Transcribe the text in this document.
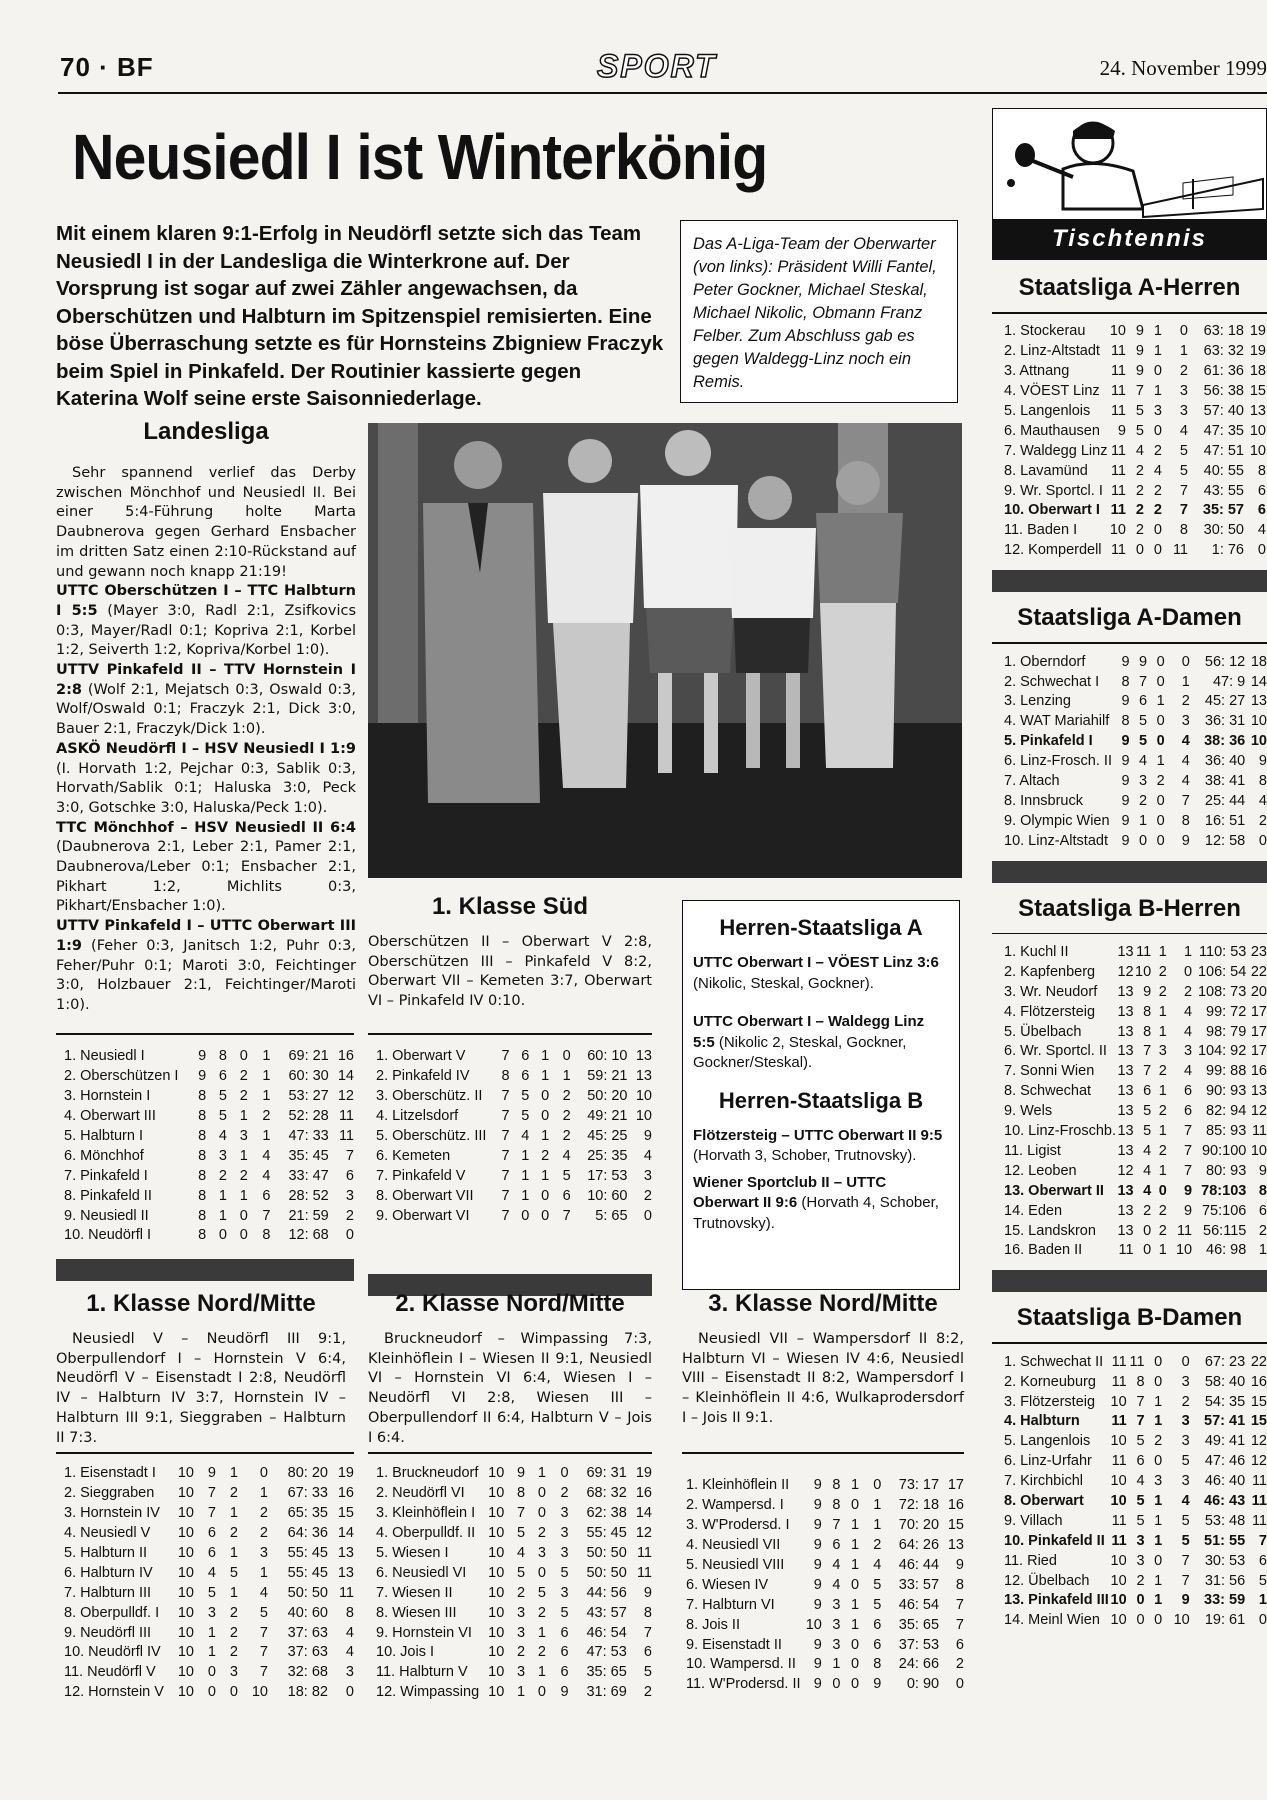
70 · BF	SPORT	24. November 1999
Neusiedl I ist Winterkönig
Mit einem klaren 9:1-Erfolg in Neudörfl setzte sich das Team Neusiedl I in der Landesliga die Winterkrone auf. Der Vorsprung ist sogar auf zwei Zähler angewachsen, da Oberschützen und Halbturn im Spitzenspiel remisierten. Eine böse Überraschung setzte es für Hornsteins Zbigniew Fraczyk beim Spiel in Pinkafeld. Der Routinier kassierte gegen Katerina Wolf seine erste Saisonniederlage.
Das A-Liga-Team der Oberwarter (von links): Präsident Willi Fantel, Peter Gockner, Michael Steskal, Michael Nikolic, Obmann Franz Felber. Zum Abschluss gab es gegen Waldegg-Linz noch ein Remis.
Landesliga
Sehr spannend verlief das Derby zwischen Mönchhof und Neusiedl II. Bei einer 5:4-Führung holte Marta Daubnerova gegen Gerhard Ensbacher im dritten Satz einen 2:10-Rückstand auf und gewann noch knapp 21:19!
UTTC Oberschützen I – TTC Halbturn I 5:5 (Mayer 3:0, Radl 2:1, Zsifkovics 0:3, Mayer/Radl 0:1; Kopriva 2:1, Korbel 1:2, Seiverth 1:2, Kopriva/Korbel 1:0).
UTTV Pinkafeld II – TTV Hornstein I 2:8 (Wolf 2:1, Mejatsch 0:3, Oswald 0:3, Wolf/Oswald 0:1; Fraczyk 2:1, Dick 3:0, Bauer 2:1, Fraczyk/Dick 1:0).
ASKÖ Neudörfl I – HSV Neusiedl I 1:9 (I. Horvath 1:2, Pejchar 0:3, Sablik 0:3, Horvath/Sablik 0:1; Haluska 3:0, Peck 3:0, Gotschke 3:0, Haluska/Peck 1:0).
TTC Mönchhof – HSV Neusiedl II 6:4 (Daubnerova 2:1, Leber 2:1, Pamer 2:1, Daubnerova/Leber 0:1; Ensbacher 2:1, Pikhart 1:2, Michlits 0:3, Pikhart/Ensbacher 1:0).
UTTV Pinkafeld I – UTTC Oberwart III 1:9 (Feher 0:3, Janitsch 1:2, Puhr 0:3, Feher/Puhr 0:1; Maroti 3:0, Feichtinger 3:0, Holzbauer 2:1, Feichtinger/Maroti 1:0).
1. Neusiedl I	9	8	0	1	69: 21	16
2. Oberschützen I	9	6	2	1	60: 30	14
3. Hornstein I	8	5	2	1	53: 27	12
4. Oberwart III	8	5	1	2	52: 28	11
5. Halbturn I	8	4	3	1	47: 33	11
6. Mönchhof	8	3	1	4	35: 45	7
7. Pinkafeld I	8	2	2	4	33: 47	6
8. Pinkafeld II	8	1	1	6	28: 52	3
9. Neusiedl II	8	1	0	7	21: 59	2
10. Neudörfl I	8	0	0	8	12: 68	0
1. Klasse Süd
Oberschützen II – Oberwart V 2:8, Oberschützen III – Pinkafeld V 8:2, Oberwart VII – Kemeten 3:7, Oberwart VI – Pinkafeld IV 0:10.
1. Oberwart V	7	6	1	0	60: 10	13
2. Pinkafeld IV	8	6	1	1	59: 21	13
3. Oberschütz. II	7	5	0	2	50: 20	10
4. Litzelsdorf	7	5	0	2	49: 21	10
5. Oberschütz. III	7	4	1	2	45: 25	9
6. Kemeten	7	1	2	4	25: 35	4
7. Pinkafeld V	7	1	1	5	17: 53	3
8. Oberwart VII	7	1	0	6	10: 60	2
9. Oberwart VI	7	0	0	7	5: 65	0
Herren-Staatsliga A
UTTC Oberwart I – VÖEST Linz 3:6 (Nikolic, Steskal, Gockner).
UTTC Oberwart I – Waldegg Linz 5:5 (Nikolic 2, Steskal, Gockner, Gockner/Steskal).
Herren-Staatsliga B
Flötzersteig – UTTC Oberwart II 9:5 (Horvath 3, Schober, Trutnovsky).
Wiener Sportclub II – UTTC Oberwart II 9:6 (Horvath 4, Schober, Trutnovsky).
1. Klasse Nord/Mitte
Neusiedl V – Neudörfl III 9:1, Oberpullendorf I – Hornstein V 6:4, Neudörfl V – Eisenstadt I 2:8, Neudörfl IV – Halbturn IV 3:7, Hornstein IV – Halbturn III 9:1, Sieggraben – Halbturn II 7:3.
1. Eisenstadt I	10	9	1	0	80: 20	19
2. Sieggraben	10	7	2	1	67: 33	16
3. Hornstein IV	10	7	1	2	65: 35	15
4. Neusiedl V	10	6	2	2	64: 36	14
5. Halbturn II	10	6	1	3	55: 45	13
6. Halbturn IV	10	4	5	1	55: 45	13
7. Halbturn III	10	5	1	4	50: 50	11
8. Oberpulldf. I	10	3	2	5	40: 60	8
9. Neudörfl III	10	1	2	7	37: 63	4
10. Neudörfl IV	10	1	2	7	37: 63	4
11. Neudörfl V	10	0	3	7	32: 68	3
12. Hornstein V	10	0	0	10	18: 82	0
2. Klasse Nord/Mitte
Bruckneudorf – Wimpassing 7:3, Kleinhöflein I – Wiesen II 9:1, Neusiedl VI – Hornstein VI 6:4, Wiesen I – Neudörfl VI 2:8, Wiesen III – Oberpullendorf II 6:4, Halbturn V – Jois I 6:4.
1. Bruckneudorf	10	9	1	0	69: 31	19
2. Neudörfl VI	10	8	0	2	68: 32	16
3. Kleinhöflein I	10	7	0	3	62: 38	14
4. Oberpulldf. II	10	5	2	3	55: 45	12
5. Wiesen I	10	4	3	3	50: 50	11
6. Neusiedl VI	10	5	0	5	50: 50	11
7. Wiesen II	10	2	5	3	44: 56	9
8. Wiesen III	10	3	2	5	43: 57	8
9. Hornstein VI	10	3	1	6	46: 54	7
10. Jois I	10	2	2	6	47: 53	6
11. Halbturn V	10	3	1	6	35: 65	5
12. Wimpassing	10	1	0	9	31: 69	2
3. Klasse Nord/Mitte
Neusiedl VII – Wampersdorf II 8:2, Halbturn VI – Wiesen IV 4:6, Neusiedl VIII – Eisenstadt II 8:2, Wampersdorf I – Kleinhöflein II 4:6, Wulkaprodersdorf I – Jois II 9:1.
1. Kleinhöflein II	9	8	1	0	73: 17	17
2. Wampersd. I	9	8	0	1	72: 18	16
3. W'Prodersd. I	9	7	1	1	70: 20	15
4. Neusiedl VII	9	6	1	2	64: 26	13
5. Neusiedl VIII	9	4	1	4	46: 44	9
6. Wiesen IV	9	4	0	5	33: 57	8
7. Halbturn VI	9	3	1	5	46: 54	7
8. Jois II	10	3	1	6	35: 65	7
9. Eisenstadt II	9	3	0	6	37: 53	6
10. Wampersd. II	9	1	0	8	24: 66	2
11. W'Prodersd. II	9	0	0	9	0: 90	0
Tischtennis
Staatsliga A-Herren
1. Stockerau	10	9	1	0	63: 18	19
2. Linz-Altstadt	11	9	1	1	63: 32	19
3. Attnang	11	9	0	2	61: 36	18
4. VÖEST Linz	11	7	1	3	56: 38	15
5. Langenlois	11	5	3	3	57: 40	13
6. Mauthausen	9	5	0	4	47: 35	10
7. Waldegg Linz	11	4	2	5	47: 51	10
8. Lavamünd	11	2	4	5	40: 55	8
9. Wr. Sportcl. I	11	2	2	7	43: 55	6
10. Oberwart I	11	2	2	7	35: 57	6
11. Baden I	10	2	0	8	30: 50	4
12. Komperdell	11	0	0	11	1: 76	0
Staatsliga A-Damen
1. Oberndorf	9	9	0	0	56: 12	18
2. Schwechat I	8	7	0	1	47: 9	14
3. Lenzing	9	6	1	2	45: 27	13
4. WAT Mariahilf	8	5	0	3	36: 31	10
5. Pinkafeld I	9	5	0	4	38: 36	10
6. Linz-Frosch. II	9	4	1	4	36: 40	9
7. Altach	9	3	2	4	38: 41	8
8. Innsbruck	9	2	0	7	25: 44	4
9. Olympic Wien	9	1	0	8	16: 51	2
10. Linz-Altstadt	9	0	0	9	12: 58	0
Staatsliga B-Herren
1. Kuchl II	13	11	1	1	110: 53	23
2. Kapfenberg	12	10	2	0	106: 54	22
3. Wr. Neudorf	13	9	2	2	108: 73	20
4. Flötzersteig	13	8	1	4	99: 72	17
5. Übelbach	13	8	1	4	98: 79	17
6. Wr. Sportcl. II	13	7	3	3	104: 92	17
7. Sonni Wien	13	7	2	4	99: 88	16
8. Schwechat	13	6	1	6	90: 93	13
9. Wels	13	5	2	6	82: 94	12
10. Linz-Froschb.	13	5	1	7	85: 93	11
11. Ligist	13	4	2	7	90:100	10
12. Leoben	12	4	1	7	80: 93	9
13. Oberwart II	13	4	0	9	78:103	8
14. Eden	13	2	2	9	75:106	6
15. Landskron	13	0	2	11	56:115	2
16. Baden II	11	0	1	10	46: 98	1
Staatsliga B-Damen
1. Schwechat II	11	11	0	0	67: 23	22
2. Korneuburg	11	8	0	3	58: 40	16
3. Flötzersteig	10	7	1	2	54: 35	15
4. Halbturn	11	7	1	3	57: 41	15
5. Langenlois	10	5	2	3	49: 41	12
6. Linz-Urfahr	11	6	0	5	47: 46	12
7. Kirchbichl	10	4	3	3	46: 40	11
8. Oberwart	10	5	1	4	46: 43	11
9. Villach	11	5	1	5	53: 48	11
10. Pinkafeld II	11	3	1	5	51: 55	7
11. Ried	10	3	0	7	30: 53	6
12. Übelbach	10	2	1	7	31: 56	5
13. Pinkafeld III	10	0	1	9	33: 59	1
14. Meinl Wien	10	0	0	10	19: 61	0
